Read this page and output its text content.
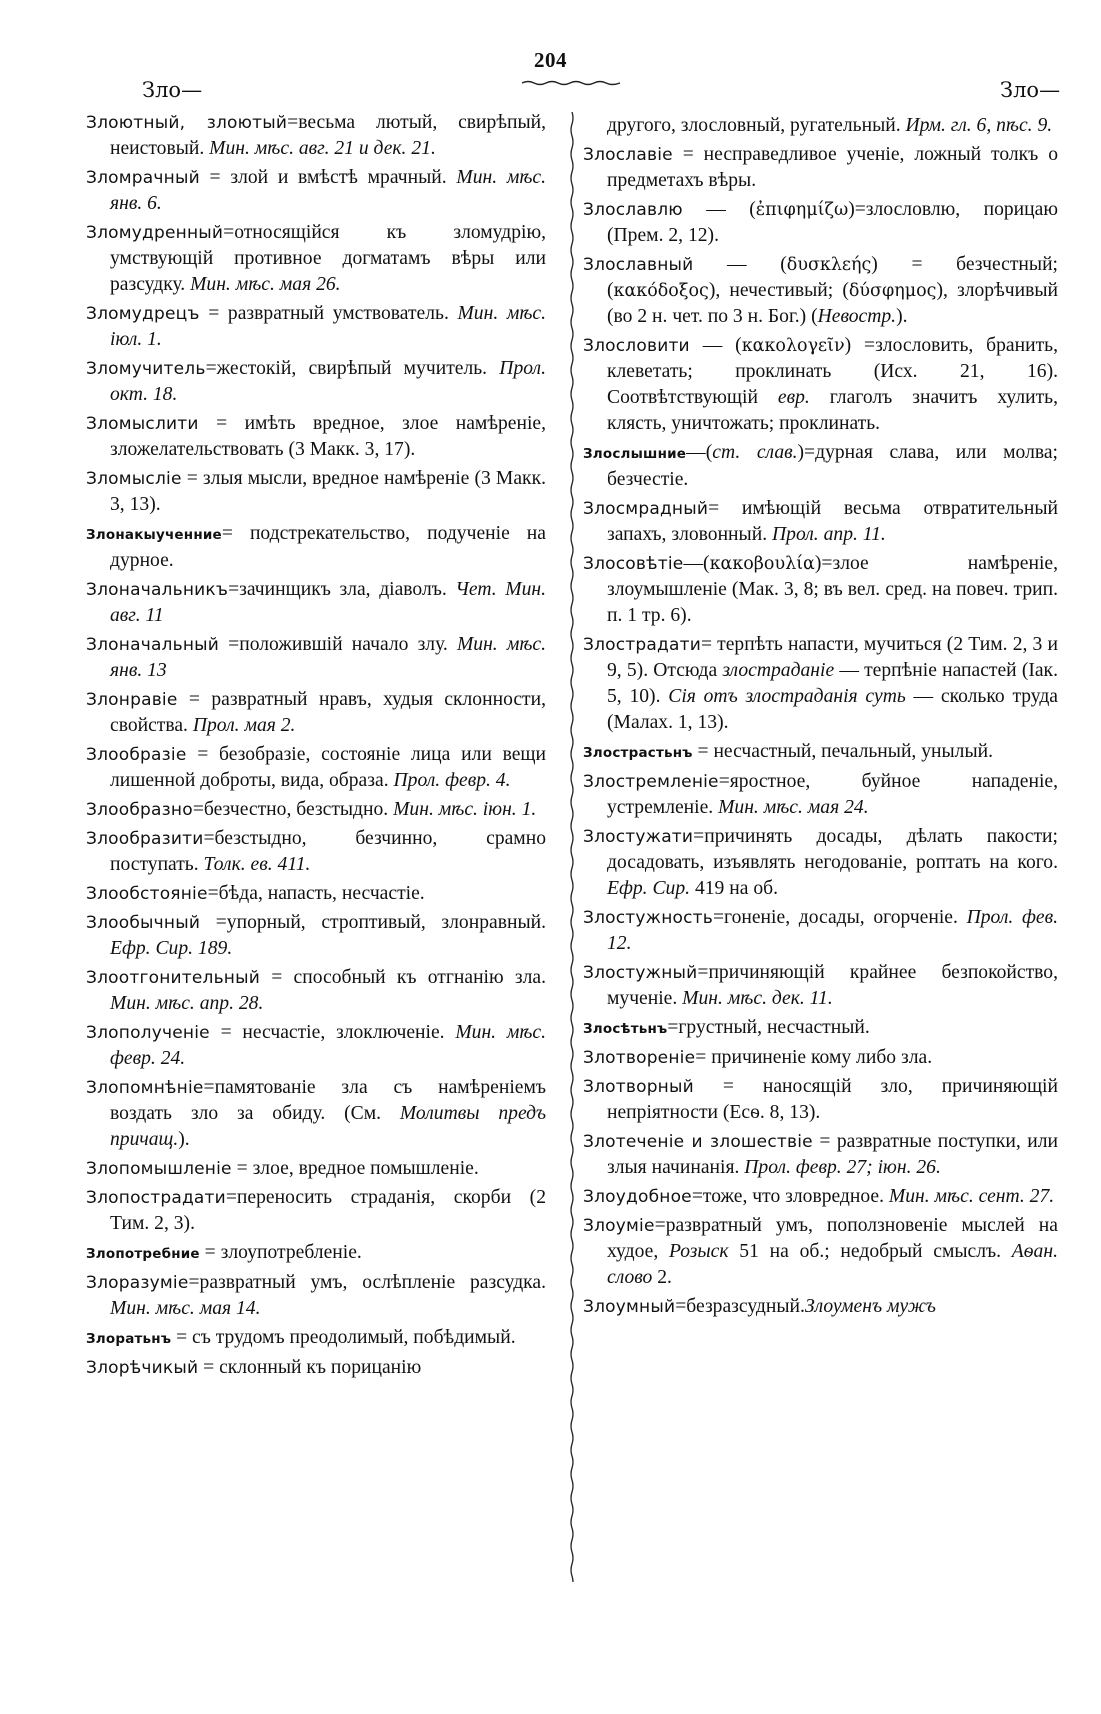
204
Зло—	Зло—
Злоютный, злоютый=весьма лютый, свирѣпый, неистовый. Мин. мѣс. авг. 21 и дек. 21.
Зломрачный = злой и вмѣстѣ мрачный. Мин. мѣс. янв. 6.
Зломудренный=относящійся къ зломудрію, умствующій противное догматамъ вѣры или разсудку. Мин. мѣс. мая 26.
Зломудрецъ = развратный умствователь. Мин. мѣс. іюл. 1.
Зломучитель=жестокій, свирѣпый мучитель. Прол. окт. 18.
Зломыслити = имѣть вредное, злое намѣреніе, зложелательствовать (3 Макк. 3, 17).
Зломысліе = злыя мысли, вредное намѣреніе (3 Макк. 3, 13).
Злонакыученние= подстрекательство, подученіе на дурное.
Злоначальникъ=зачинщикъ зла, діаволъ. Чет. Мин. авг. 11
Злоначальный =положившій начало злу. Мин. мѣс. янв. 13
Злонравіе = развратный нравъ, худыя склонности, свойства. Прол. мая 2.
Злообразіе = безобразіе, состояніе лица или вещи лишенной доброты, вида, образа. Прол. февр. 4.
Злообразно=безчестно, безстыдно. Мин. мѣс. іюн. 1.
Злообразити=безстыдно, безчинно, срамно поступать. Толк. ев. 411.
Злообстояніе=бѣда, напасть, несчастіе.
Злообычный =упорный, строптивый, злонравный. Ефр. Сир. 189.
Злоотгонительный = способный къ отгнанію зла. Мин. мѣс. апр. 28.
Злополученіе = несчастіе, злоключеніе. Мин. мѣс. февр. 24.
Злопомнѣніе=памятованіе зла съ намѣреніемъ воздать зло за обиду. (См. Молитвы предъ причащ.).
Злопомышленіе = злое, вредное помышленіе.
Злопострадати=переносить страданія, скорби (2 Тим. 2, 3).
Злопотребние = злоупотребленіе.
Злоразуміе=развратный умъ, ослѣпленіе разсудка. Мин. мѣс. мая 14.
Злоратьнъ = съ трудомъ преодолимый, побѣдимый.
Злорѣчикый = склонный къ порицанію
другого, злословный, ругательный. Ирм. гл. 6, пѣс. 9.
Злославіе = несправедливое ученіе, ложный толкъ о предметахъ вѣры.
Злославлю — (ἐπιφημίζω)=злословлю, порицаю (Прем. 2, 12).
Злославный — (δυσκλεής) = безчестный; (κακόδοξος), нечестивый; (δύσφημος), злорѣчивый (во 2 н. чет. по 3 н. Бог.) (Невостр.).
Злословити — (κακολογεῖν) =злословить, бранить, клеветать; проклинать (Исх. 21, 16). Соотвѣтствующій евр. глаголъ значитъ хулить, клясть, уничтожать; проклинать.
Злослышние—(ст. слав.)=дурная слава, или молва; безчестіе.
Злосмрадный= имѣющій весьма отвратительный запахъ, зловонный. Прол. апр. 11.
Злосовѣтіе—(κακοβουλία)=злое намѣреніе, злоумышленіе (Мак. 3, 8; въ вел. сред. на повеч. трип. п. 1 тр. 6).
Злострадати= терпѣть напасти, мучиться (2 Тим. 2, 3 и 9, 5). Отсюда злостраданіе — терпѣніе напастей (Іак. 5, 10). Сія отъ злостраданія суть — сколько труда (Малах. 1, 13).
Злострастьнъ = несчастный, печальный, унылый.
Злостремленіе=яростное, буйное нападеніе, устремленіе. Мин. мѣс. мая 24.
Злостужати=причинять досады, дѣлать пакости; досадовать, изъявлять негодованіе, роптать на кого. Ефр. Сир. 419 на об.
Злостужность=гоненіе, досады, огорченіе. Прол. фев. 12.
Злостужный=причиняющій крайнее безпокойство, мученіе. Мин. мѣс. дек. 11.
Злосѣтьнъ=грустный, несчастный.
Злотвореніе= причиненіе кому либо зла.
Злотворный = наносящій зло, причиняющій непріятности (Есѳ. 8, 13).
Злотеченіе и злошествіе = развратные поступки, или злыя начинанія. Прол. февр. 27; іюн. 26.
Злоудобное=тоже, что зловредное. Мин. мѣс. сент. 27.
Злоуміе=развратный умъ, поползновеніе мыслей на худое, Розыск 51 на об.; недобрый смыслъ. Аѳан. слово 2.
Злоумный=безразсудный.Злоуменъ мужъ
